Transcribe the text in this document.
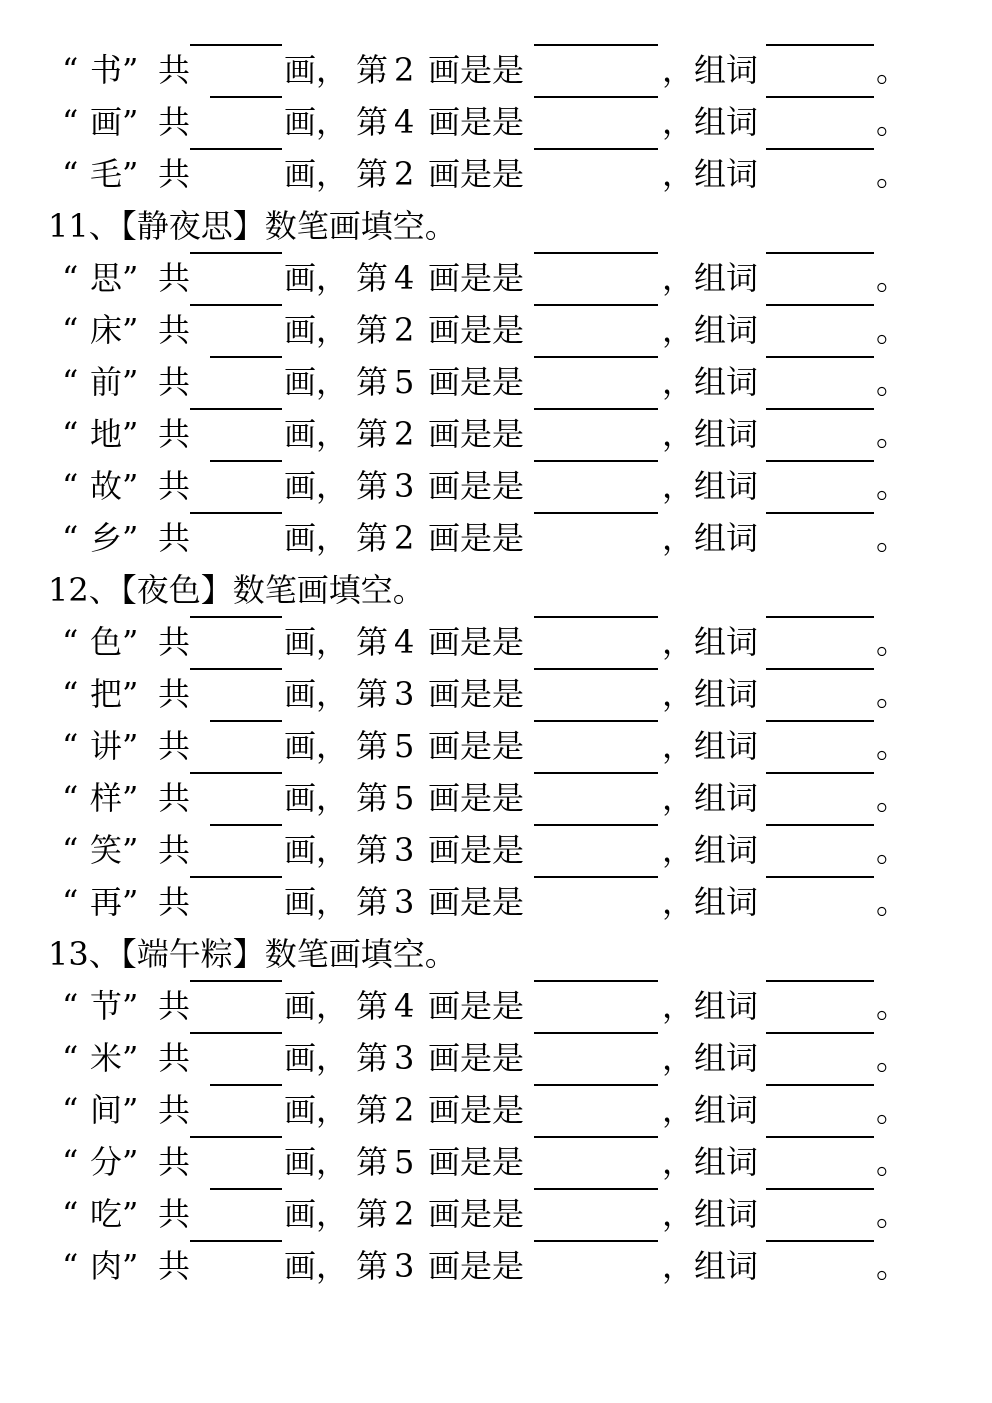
“ 书 ” 共	画， 第 2 画是是	，组词	。
“ 画 ” 共	画， 第 4 画是是	，组词	。
“ 毛 ” 共	画， 第 2 画是是	，组词	。
11、【静夜思】数笔画填空。
“ 思 ” 共	画， 第 4 画是是	，组词	。
“ 床 ” 共	画， 第 2 画是是	，组词	。
“ 前 ” 共	画， 第 5 画是是	，组词	。
“ 地 ” 共	画， 第 2 画是是	，组词	。
“ 故 ” 共	画， 第 3 画是是	，组词	。
“ 乡 ” 共	画， 第 2 画是是	，组词	。
12、【夜色】数笔画填空。
“ 色 ” 共	画， 第 4 画是是	，组词	。
“ 把 ” 共	画， 第 3 画是是	，组词	。
“ 讲 ” 共	画， 第 5 画是是	，组词	。
“ 样 ” 共	画， 第 5 画是是	，组词	。
“ 笑 ” 共	画， 第 3 画是是	，组词	。
“ 再 ” 共	画， 第 3 画是是	，组词	。
13、【端午粽】数笔画填空。
“ 节 ” 共	画， 第 4 画是是	，组词	。
“ 米 ” 共	画， 第 3 画是是	，组词	。
“ 间 ” 共	画， 第 2 画是是	，组词	。
“ 分 ” 共	画， 第 5 画是是	，组词	。
“ 吃 ” 共	画， 第 2 画是是	，组词	。
“ 肉 ” 共	画， 第 3 画是是	，组词	。
